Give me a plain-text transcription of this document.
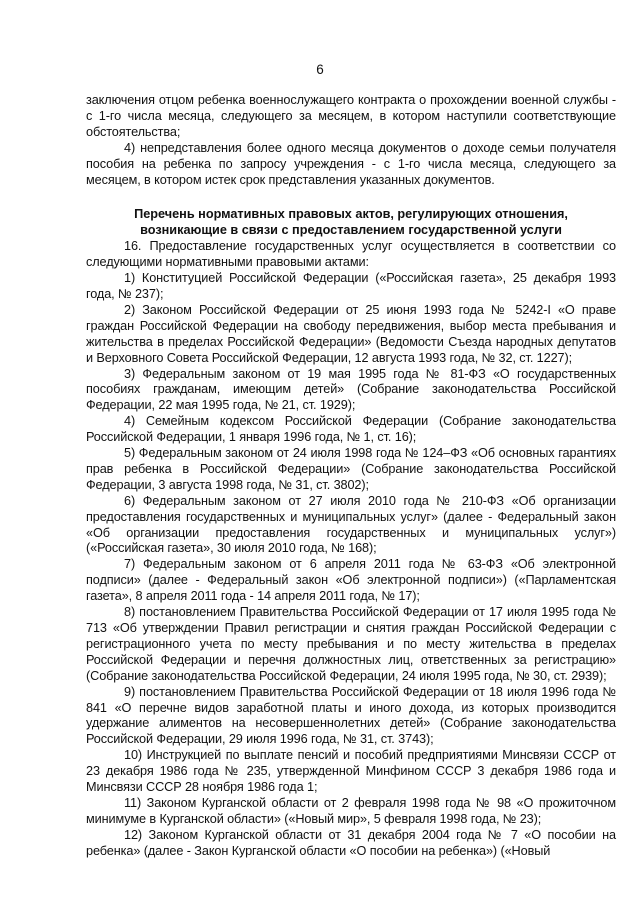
6

заключения отцом ребенка военнослужащего контракта о прохождении военной службы - с 1-го числа месяца, следующего за месяцем, в котором наступили соответствующие обстоятельства;

4) непредставления более одного месяца документов о доходе семьи получателя пособия на ребенка по запросу учреждения - с 1-го числа месяца, следующего за месяцем, в котором истек срок представления указанных документов.

Перечень нормативных правовых актов, регулирующих отношения,
возникающие в связи с предоставлением государственной услуги

16. Предоставление государственных услуг осуществляется в соответствии со следующими нормативными правовыми актами:

1) Конституцией Российской Федерации («Российская газета», 25 декабря 1993 года, № 237);

2) Законом Российской Федерации от 25 июня 1993 года № 5242-I «О праве граждан Российской Федерации на свободу передвижения, выбор места пребывания и жительства в пределах Российской Федерации» (Ведомости Съезда народных депутатов и Верховного Совета Российской Федерации, 12 августа 1993 года, № 32, ст. 1227);

3) Федеральным законом от 19 мая 1995 года № 81-ФЗ «О государственных пособиях гражданам, имеющим детей» (Собрание законодательства Российской Федерации, 22 мая 1995 года, № 21, ст. 1929);

4) Семейным кодексом Российской Федерации (Собрание законодательства Российской Федерации, 1 января 1996 года, № 1, ст. 16);

5) Федеральным законом от 24 июля 1998 года № 124–ФЗ «Об основных гарантиях прав ребенка в Российской Федерации» (Собрание законодательства Российской Федерации, 3 августа 1998 года, № 31, ст. 3802);

6) Федеральным законом от 27 июля 2010 года № 210-ФЗ «Об организации предоставления государственных и муниципальных услуг» (далее - Федеральный закон «Об организации предоставления государственных и муниципальных услуг») («Российская газета», 30 июля 2010 года, № 168);

7) Федеральным законом от 6 апреля 2011 года № 63-ФЗ «Об электронной подписи» (далее - Федеральный закон «Об электронной подписи») («Парламентская газета», 8 апреля 2011 года - 14 апреля 2011 года, № 17);

8) постановлением Правительства Российской Федерации от 17 июля 1995 года № 713 «Об утверждении Правил регистрации и снятия граждан Российской Федерации с регистрационного учета по месту пребывания и по месту жительства в пределах Российской Федерации и перечня должностных лиц, ответственных за регистрацию» (Собрание законодательства Российской Федерации, 24 июля 1995 года, № 30, ст. 2939);

9) постановлением Правительства Российской Федерации от 18 июля 1996 года № 841 «О перечне видов заработной платы и иного дохода, из которых производится удержание алиментов на несовершеннолетних детей» (Собрание законодательства Российской Федерации, 29 июля 1996 года, № 31, ст. 3743);

10) Инструкцией по выплате пенсий и пособий предприятиями Минсвязи СССР от 23 декабря 1986 года № 235, утвержденной Минфином СССР 3 декабря 1986 года и Минсвязи СССР 28 ноября 1986 года 1;

11) Законом Курганской области от 2 февраля 1998 года № 98 «О прожиточном минимуме в Курганской области» («Новый мир», 5 февраля 1998 года, № 23);

12) Законом Курганской области от 31 декабря 2004 года № 7 «О пособии на ребенка» (далее - Закон Курганской области «О пособии на ребенка») («Новый
